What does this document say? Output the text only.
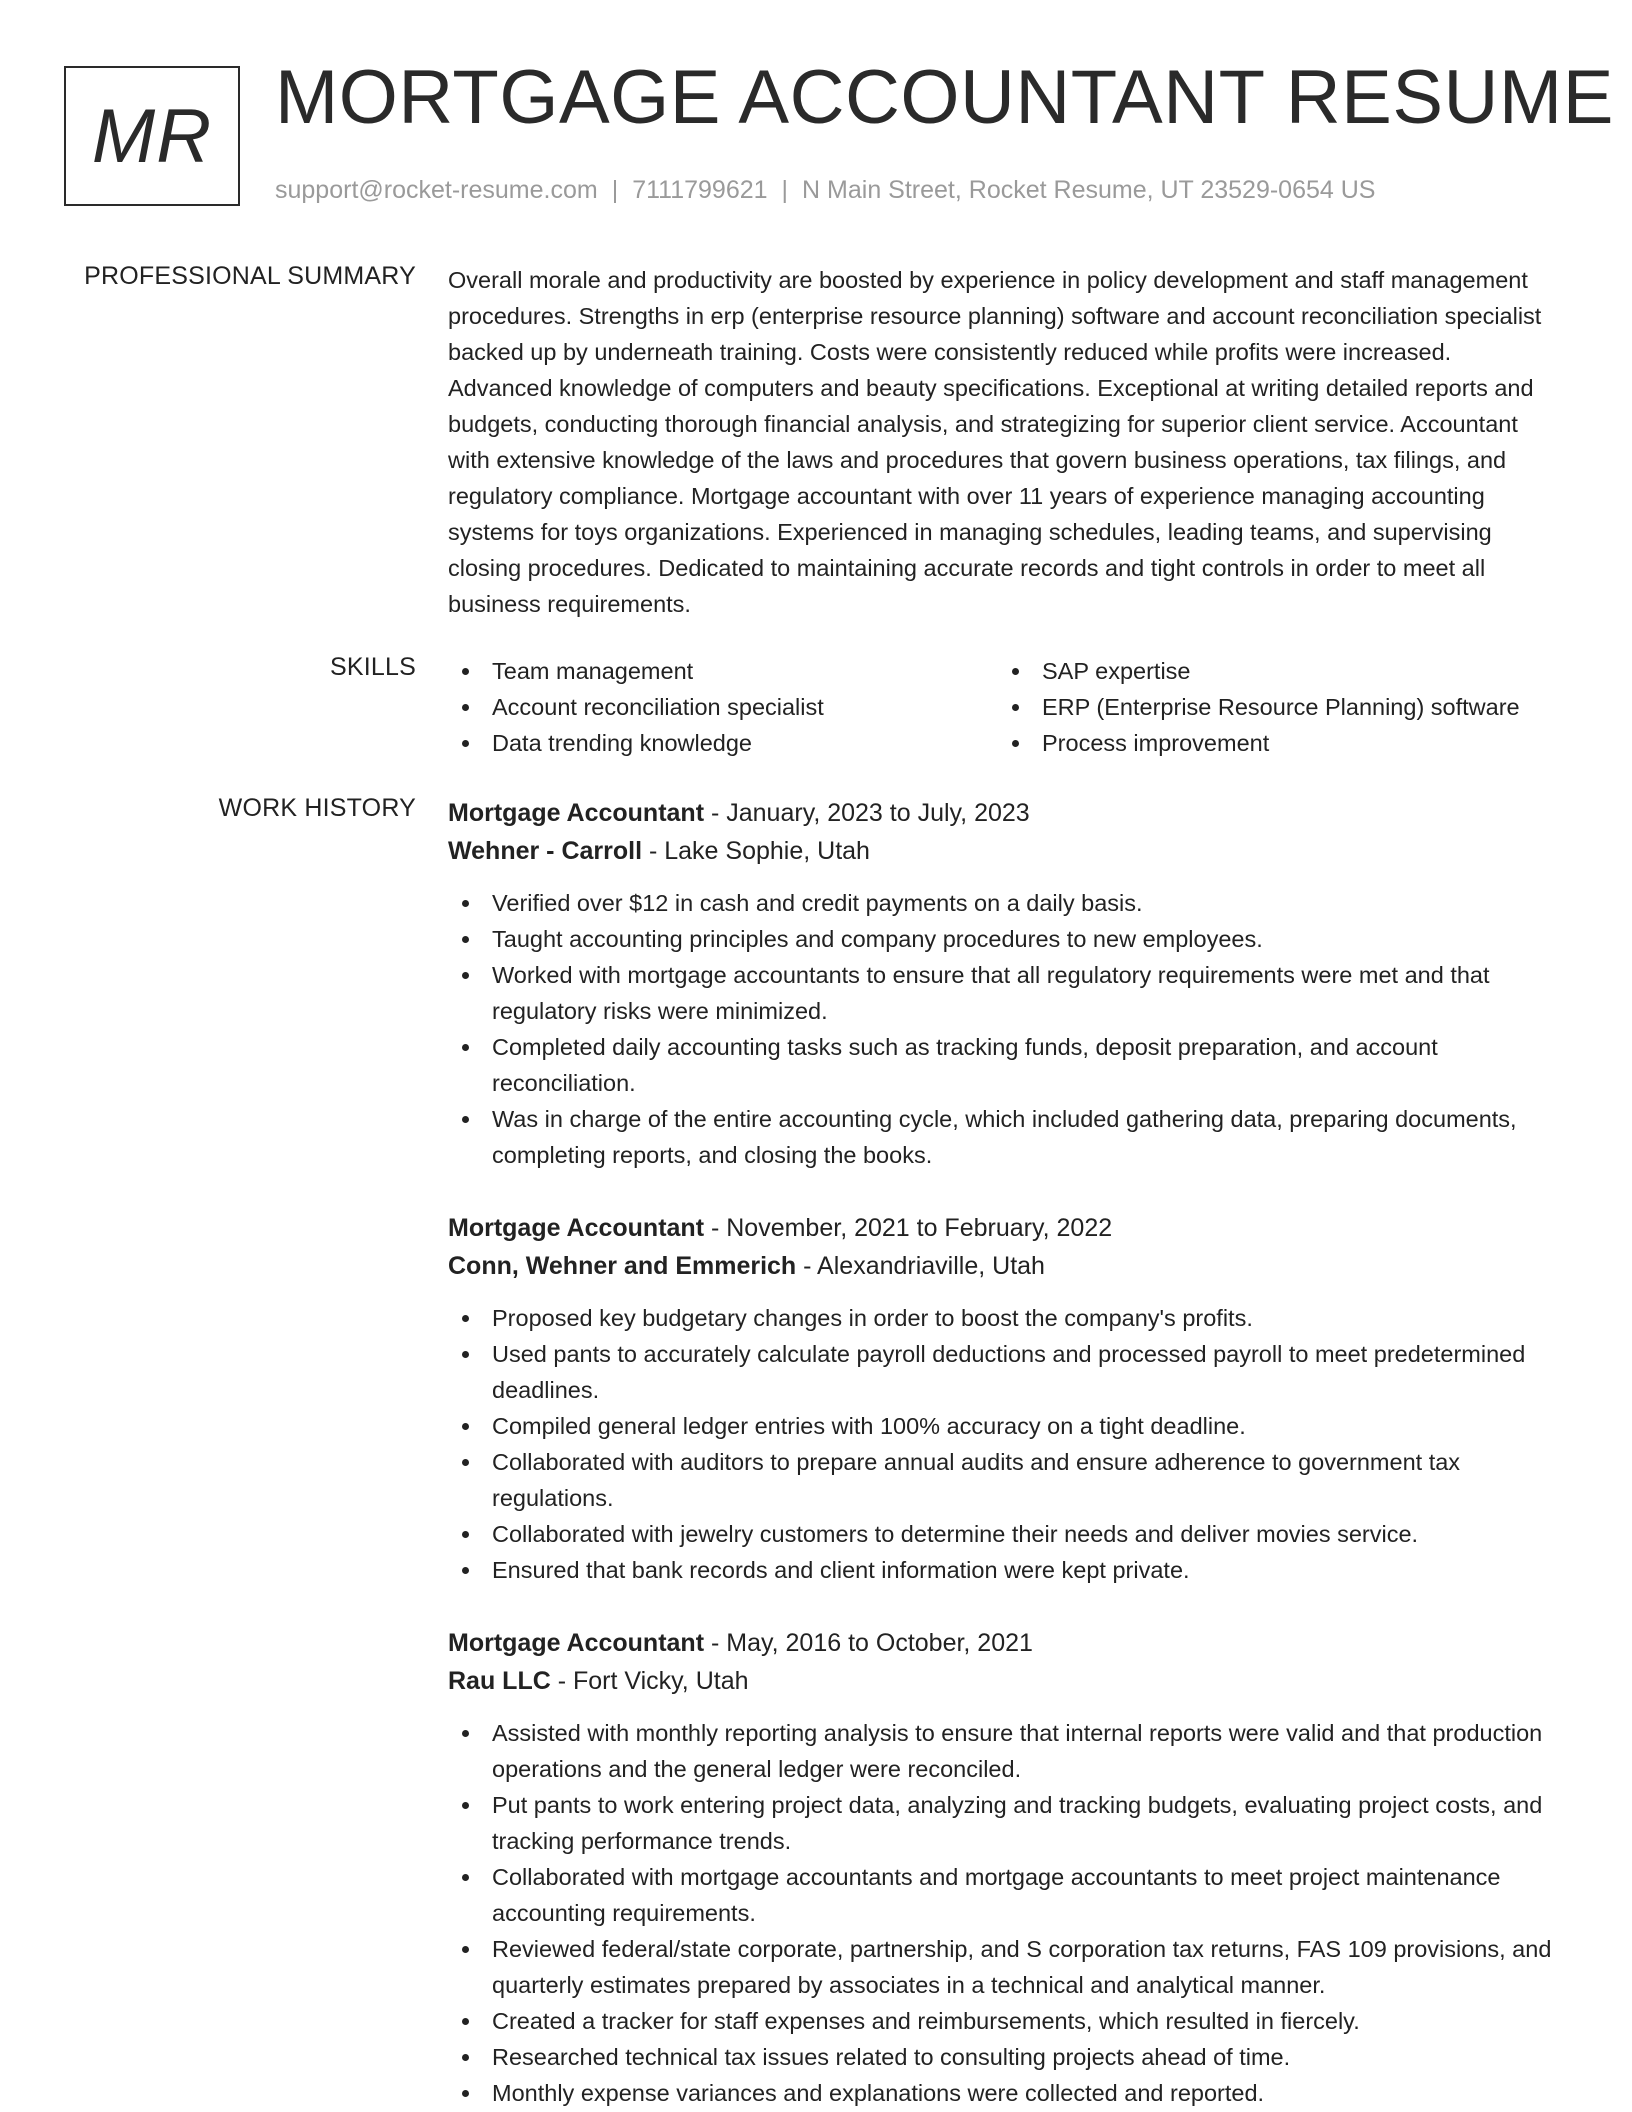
MR MORTGAGE ACCOUNTANT RESUME
support@rocket-resume.com | 7111799621 | N Main Street, Rocket Resume, UT 23529-0654 US
PROFESSIONAL SUMMARY Overall morale and productivity are boosted by experience in policy development and staff management procedures. Strengths in erp (enterprise resource planning) software and account reconciliation specialist backed up by underneath training. Costs were consistently reduced while profits were increased. Advanced knowledge of computers and beauty specifications. Exceptional at writing detailed reports and budgets, conducting thorough financial analysis, and strategizing for superior client service. Accountant with extensive knowledge of the laws and procedures that govern business operations, tax filings, and regulatory compliance. Mortgage accountant with over 11 years of experience managing accounting systems for toys organizations. Experienced in managing schedules, leading teams, and supervising closing procedures. Dedicated to maintaining accurate records and tight controls in order to meet all business requirements.

SKILLS	Team management
Account reconciliation specialist
Data trending knowledge
SAP expertise
ERP (Enterprise Resource Planning) software
Process improvement
WORK HISTORY Mortgage Accountant - January, 2023 to July, 2023
Wehner - Carroll - Lake Sophie, Utah
Verified over $12 in cash and credit payments on a daily basis.
Taught accounting principles and company procedures to new employees.
Worked with mortgage accountants to ensure that all regulatory requirements were met and that regulatory risks were minimized.
Completed daily accounting tasks such as tracking funds, deposit preparation, and account reconciliation.
Was in charge of the entire accounting cycle, which included gathering data, preparing documents, completing reports, and closing the books.
Mortgage Accountant - November, 2021 to February, 2022
Conn, Wehner and Emmerich - Alexandriaville, Utah
Proposed key budgetary changes in order to boost the company's profits.
Used pants to accurately calculate payroll deductions and processed payroll to meet predetermined deadlines.
Compiled general ledger entries with 100% accuracy on a tight deadline.
Collaborated with auditors to prepare annual audits and ensure adherence to government tax regulations.
Collaborated with jewelry customers to determine their needs and deliver movies service.
Ensured that bank records and client information were kept private.
Mortgage Accountant - May, 2016 to October, 2021
Rau LLC - Fort Vicky, Utah
Assisted with monthly reporting analysis to ensure that internal reports were valid and that production operations and the general ledger were reconciled.
Put pants to work entering project data, analyzing and tracking budgets, evaluating project costs, and tracking performance trends.
Collaborated with mortgage accountants and mortgage accountants to meet project maintenance accounting requirements.
Reviewed federal/state corporate, partnership, and S corporation tax returns, FAS 109 provisions, and quarterly estimates prepared by associates in a technical and analytical manner.
Created a tracker for staff expenses and reimbursements, which resulted in fiercely.
Researched technical tax issues related to consulting projects ahead of time.
Monthly expense variances and explanations were collected and reported.
